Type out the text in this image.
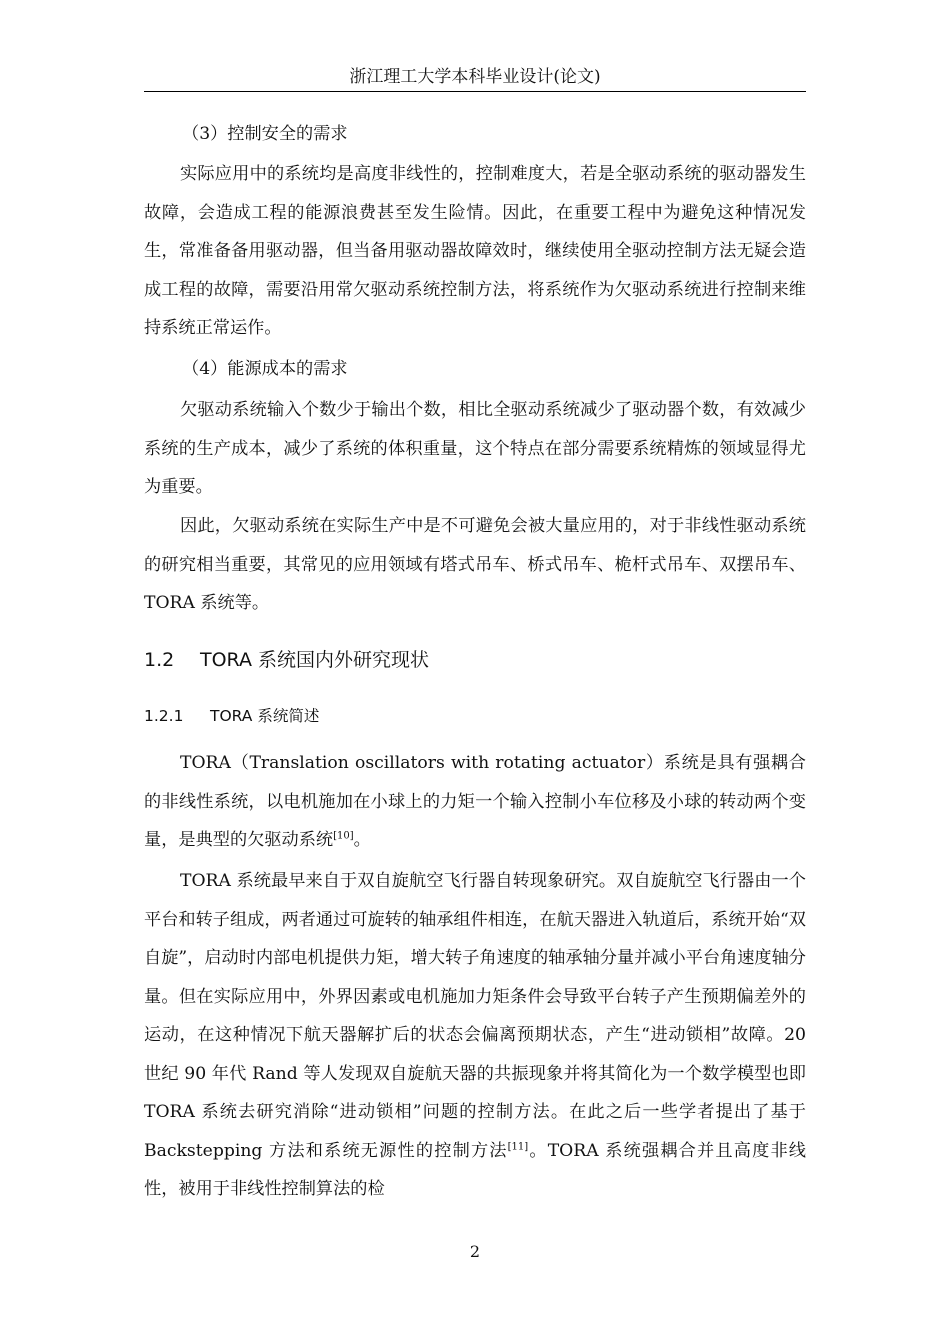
浙江理工大学本科毕业设计(论文)
（3）控制安全的需求

实际应用中的系统均是高度非线性的，控制难度大，若是全驱动系统的驱动器发生故障，会造成工程的能源浪费甚至发生险情。因此，在重要工程中为避免这种情况发生，常准备备用驱动器，但当备用驱动器故障效时，继续使用全驱动控制方法无疑会造成工程的故障，需要沿用常欠驱动系统控制方法，将系统作为欠驱动系统进行控制来维持系统正常运作。

（4）能源成本的需求

欠驱动系统输入个数少于输出个数，相比全驱动系统减少了驱动器个数，有效减少系统的生产成本，减少了系统的体积重量，这个特点在部分需要系统精炼的领域显得尤为重要。

因此，欠驱动系统在实际生产中是不可避免会被大量应用的，对于非线性驱动系统的研究相当重要，其常见的应用领域有塔式吊车、桥式吊车、桅杆式吊车、双摆吊车、TORA 系统等。

1.2 TORA 系统国内外研究现状
1.2.1 TORA 系统简述

TORA（Translation oscillators with rotating actuator）系统是具有强耦合的非线性系统，以电机施加在小球上的力矩一个输入控制小车位移及小球的转动两个变量，是典型的欠驱动系统[10]。

TORA 系统最早来自于双自旋航空飞行器自转现象研究。双自旋航空飞行器由一个平台和转子组成，两者通过可旋转的轴承组件相连，在航天器进入轨道后，系统开始“双自旋”，启动时内部电机提供力矩，增大转子角速度的轴承轴分量并减小平台角速度轴分量。但在实际应用中，外界因素或电机施加力矩条件会导致平台转子产生预期偏差外的运动，在这种情况下航天器解扩后的状态会偏离预期状态，产生“进动锁相”故障。20 世纪 90 年代 Rand 等人发现双自旋航天器的共振现象并将其简化为一个数学模型也即 TORA 系统去研究消除“进动锁相”问题的控制方法。在此之后一些学者提出了基于 Backstepping 方法和系统无源性的控制方法[11]。TORA 系统强耦合并且高度非线性，被用于非线性控制算法的检

2
